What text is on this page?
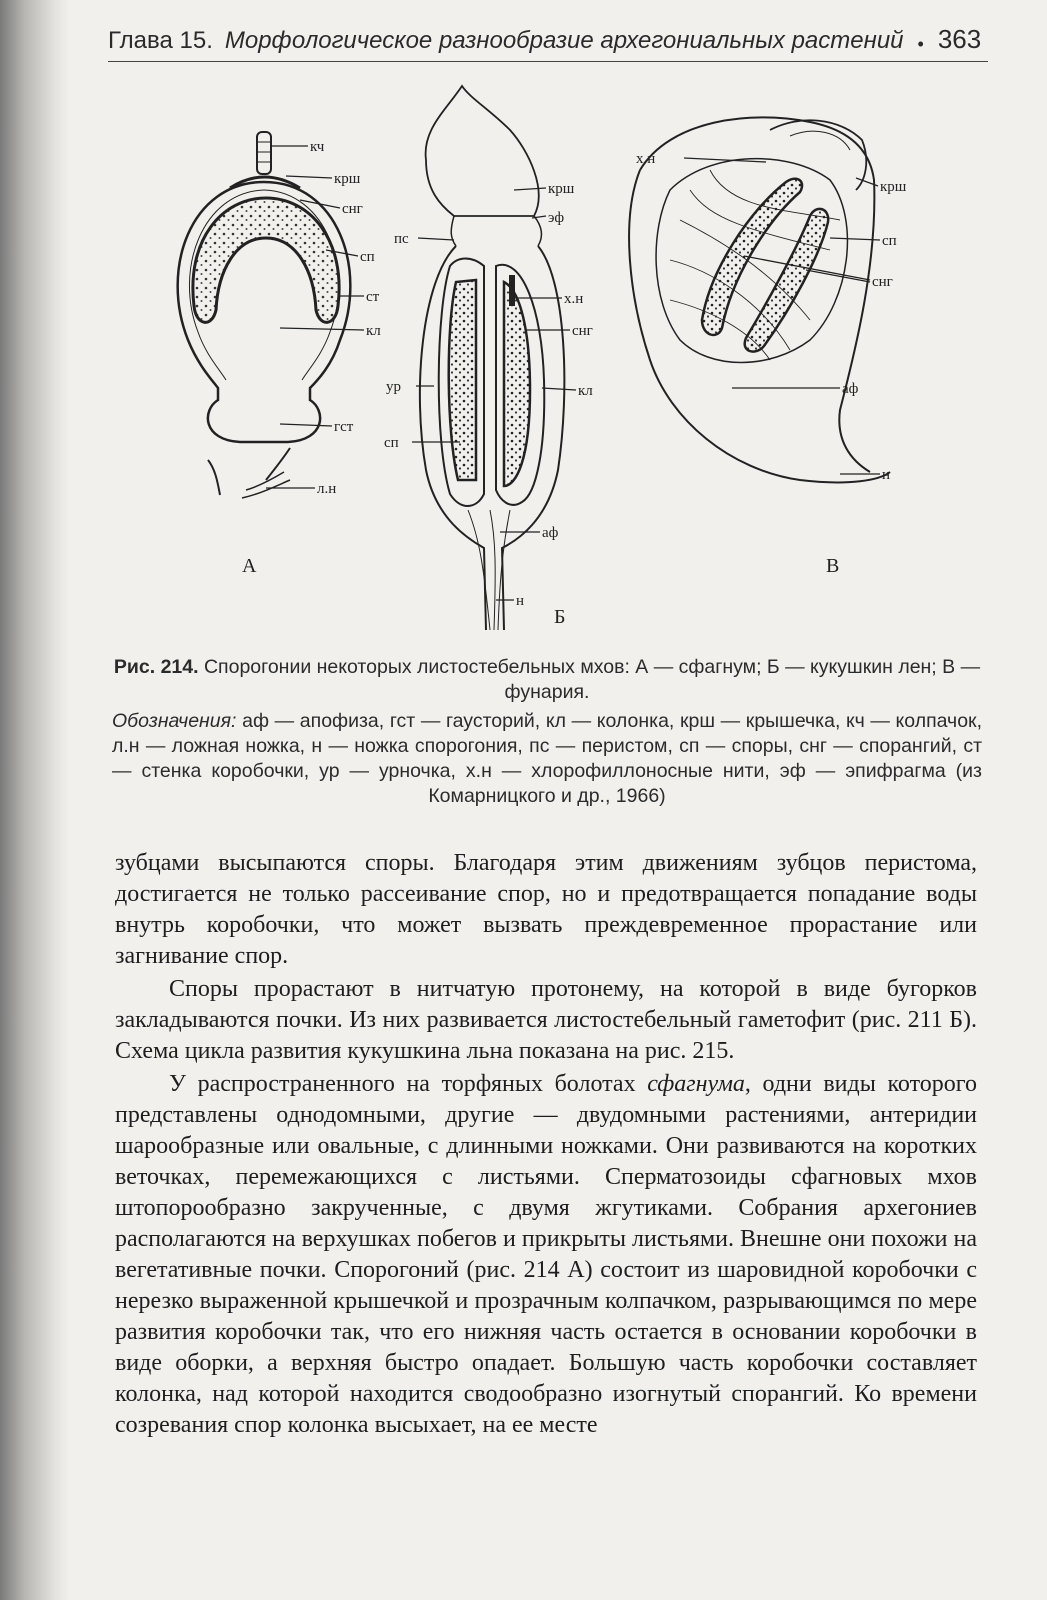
Глава 15. Морфологическое разнообразие архегониальных растений • 363
кч
крш
снг
сп
ст
кл
гст
л.н
А
пс
крш
эф
х.н
снг
ур	кл
сп
аф
н
Б
х.н
крш
сп
снг
аф
н
В
Рис. 214. Спорогонии некоторых листостебельных мхов: А — сфагнум; Б — кукушкин лен; В — фунария.
Обозначения: аф — апофиза, гст — гаусторий, кл — колонка, крш — крышечка, кч — колпачок, л.н — ложная ножка, н — ножка спорогония, пс — перистом, сп — споры, снг — спорангий, ст — стенка коробочки, ур — урночка, х.н — хлорофиллоносные нити, эф — эпифрагма (из Комарницкого и др., 1966)

зубцами высыпаются споры. Благодаря этим движениям зубцов перистома, достигается не только рассеивание спор, но и предотвращается попадание воды внутрь коробочки, что может вызвать преждевременное прорастание или загнивание спор.

Споры прорастают в нитчатую протонему, на которой в виде бугорков закладываются почки. Из них развивается листостебельный гаметофит (рис. 211 Б). Схема цикла развития кукушкина льна показана на рис. 215.

У распространенного на торфяных болотах сфагнума, одни виды которого представлены однодомными, другие — двудомными растениями, антеридии шарообразные или овальные, с длинными ножками. Они развиваются на коротких веточках, перемежающихся с листьями. Сперматозоиды сфагновых мхов штопорообразно закрученные, с двумя жгутиками. Собрания архегониев располагаются на верхушках побегов и прикрыты листьями. Внешне они похожи на вегетативные почки. Спорогоний (рис. 214 А) состоит из шаровидной коробочки с нерезко выраженной крышечкой и прозрачным колпачком, разрывающимся по мере развития коробочки так, что его нижняя часть остается в основании коробочки в виде оборки, а верхняя быстро опадает. Большую часть коробочки составляет колонка, над которой находится сводообразно изогнутый спорангий. Ко времени созревания спор колонка высыхает, на ее месте
